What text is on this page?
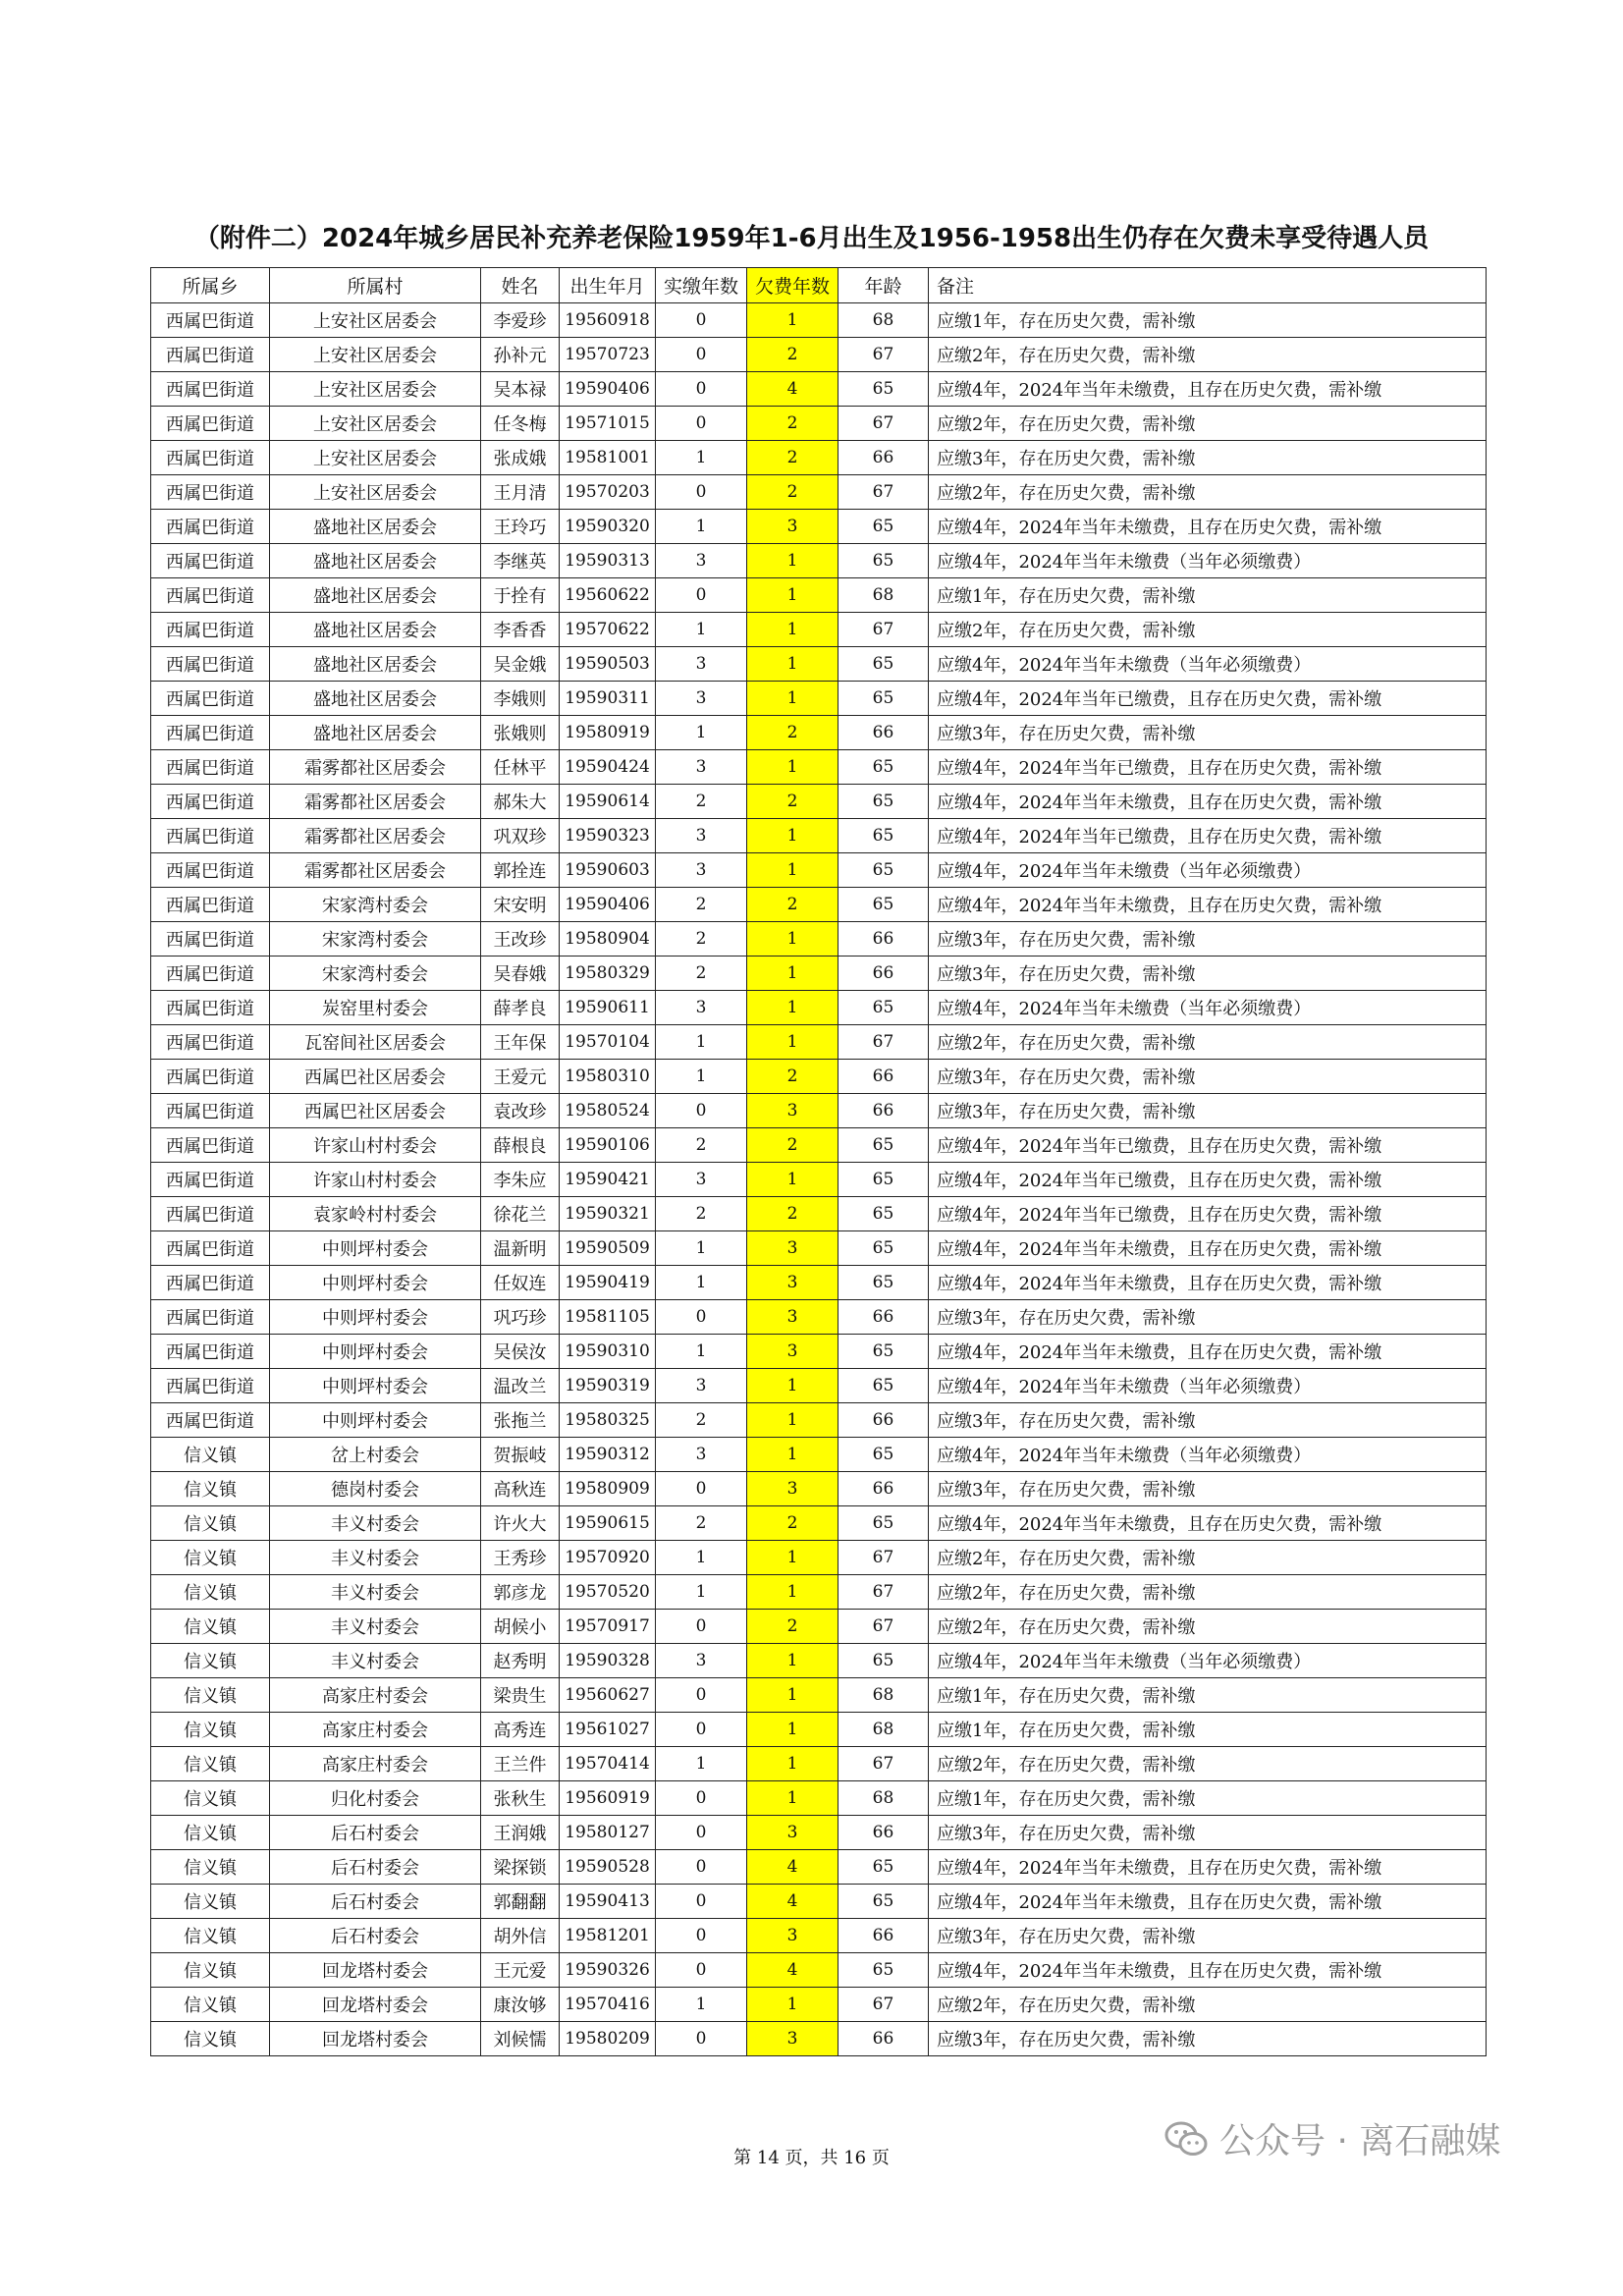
（附件二）2024年城乡居民补充养老保险1959年1-6月出生及1956-1958出生仍存在欠费未享受待遇人员
所属乡	所属村	姓名	出生年月	实缴年数	欠费年数	年龄	备注
西属巴街道	上安社区居委会	李爱珍	19560918	0	1	68	应缴1年，存在历史欠费，需补缴
西属巴街道	上安社区居委会	孙补元	19570723	0	2	67	应缴2年，存在历史欠费，需补缴
西属巴街道	上安社区居委会	吴本禄	19590406	0	4	65	应缴4年，2024年当年未缴费，且存在历史欠费，需补缴
西属巴街道	上安社区居委会	任冬梅	19571015	0	2	67	应缴2年，存在历史欠费，需补缴
西属巴街道	上安社区居委会	张成娥	19581001	1	2	66	应缴3年，存在历史欠费，需补缴
西属巴街道	上安社区居委会	王月清	19570203	0	2	67	应缴2年，存在历史欠费，需补缴
西属巴街道	盛地社区居委会	王玲巧	19590320	1	3	65	应缴4年，2024年当年未缴费，且存在历史欠费，需补缴
西属巴街道	盛地社区居委会	李继英	19590313	3	1	65	应缴4年，2024年当年未缴费（当年必须缴费）
西属巴街道	盛地社区居委会	于拴有	19560622	0	1	68	应缴1年，存在历史欠费，需补缴
西属巴街道	盛地社区居委会	李香香	19570622	1	1	67	应缴2年，存在历史欠费，需补缴
西属巴街道	盛地社区居委会	吴金娥	19590503	3	1	65	应缴4年，2024年当年未缴费（当年必须缴费）
西属巴街道	盛地社区居委会	李娥则	19590311	3	1	65	应缴4年，2024年当年已缴费，且存在历史欠费，需补缴
西属巴街道	盛地社区居委会	张娥则	19580919	1	2	66	应缴3年，存在历史欠费，需补缴
西属巴街道	霜雾都社区居委会	任林平	19590424	3	1	65	应缴4年，2024年当年已缴费，且存在历史欠费，需补缴
西属巴街道	霜雾都社区居委会	郝朱大	19590614	2	2	65	应缴4年，2024年当年未缴费，且存在历史欠费，需补缴
西属巴街道	霜雾都社区居委会	巩双珍	19590323	3	1	65	应缴4年，2024年当年已缴费，且存在历史欠费，需补缴
西属巴街道	霜雾都社区居委会	郭拴连	19590603	3	1	65	应缴4年，2024年当年未缴费（当年必须缴费）
西属巴街道	宋家湾村委会	宋安明	19590406	2	2	65	应缴4年，2024年当年未缴费，且存在历史欠费，需补缴
西属巴街道	宋家湾村委会	王改珍	19580904	2	1	66	应缴3年，存在历史欠费，需补缴
西属巴街道	宋家湾村委会	吴春娥	19580329	2	1	66	应缴3年，存在历史欠费，需补缴
西属巴街道	炭窑里村委会	薛孝良	19590611	3	1	65	应缴4年，2024年当年未缴费（当年必须缴费）
西属巴街道	瓦窑间社区居委会	王年保	19570104	1	1	67	应缴2年，存在历史欠费，需补缴
西属巴街道	西属巴社区居委会	王爱元	19580310	1	2	66	应缴3年，存在历史欠费，需补缴
西属巴街道	西属巴社区居委会	袁改珍	19580524	0	3	66	应缴3年，存在历史欠费，需补缴
西属巴街道	许家山村村委会	薛根良	19590106	2	2	65	应缴4年，2024年当年已缴费，且存在历史欠费，需补缴
西属巴街道	许家山村村委会	李朱应	19590421	3	1	65	应缴4年，2024年当年已缴费，且存在历史欠费，需补缴
西属巴街道	袁家岭村村委会	徐花兰	19590321	2	2	65	应缴4年，2024年当年已缴费，且存在历史欠费，需补缴
西属巴街道	中则坪村委会	温新明	19590509	1	3	65	应缴4年，2024年当年未缴费，且存在历史欠费，需补缴
西属巴街道	中则坪村委会	任奴连	19590419	1	3	65	应缴4年，2024年当年未缴费，且存在历史欠费，需补缴
西属巴街道	中则坪村委会	巩巧珍	19581105	0	3	66	应缴3年，存在历史欠费，需补缴
西属巴街道	中则坪村委会	吴侯汝	19590310	1	3	65	应缴4年，2024年当年未缴费，且存在历史欠费，需补缴
西属巴街道	中则坪村委会	温改兰	19590319	3	1	65	应缴4年，2024年当年未缴费（当年必须缴费）
西属巴街道	中则坪村委会	张拖兰	19580325	2	1	66	应缴3年，存在历史欠费，需补缴
信义镇	岔上村委会	贺振岐	19590312	3	1	65	应缴4年，2024年当年未缴费（当年必须缴费）
信义镇	德岗村委会	高秋连	19580909	0	3	66	应缴3年，存在历史欠费，需补缴
信义镇	丰义村委会	许火大	19590615	2	2	65	应缴4年，2024年当年未缴费，且存在历史欠费，需补缴
信义镇	丰义村委会	王秀珍	19570920	1	1	67	应缴2年，存在历史欠费，需补缴
信义镇	丰义村委会	郭彦龙	19570520	1	1	67	应缴2年，存在历史欠费，需补缴
信义镇	丰义村委会	胡候小	19570917	0	2	67	应缴2年，存在历史欠费，需补缴
信义镇	丰义村委会	赵秀明	19590328	3	1	65	应缴4年，2024年当年未缴费（当年必须缴费）
信义镇	高家庄村委会	梁贵生	19560627	0	1	68	应缴1年，存在历史欠费，需补缴
信义镇	高家庄村委会	高秀连	19561027	0	1	68	应缴1年，存在历史欠费，需补缴
信义镇	高家庄村委会	王兰件	19570414	1	1	67	应缴2年，存在历史欠费，需补缴
信义镇	归化村委会	张秋生	19560919	0	1	68	应缴1年，存在历史欠费，需补缴
信义镇	后石村委会	王润娥	19580127	0	3	66	应缴3年，存在历史欠费，需补缴
信义镇	后石村委会	梁探锁	19590528	0	4	65	应缴4年，2024年当年未缴费，且存在历史欠费，需补缴
信义镇	后石村委会	郭翻翻	19590413	0	4	65	应缴4年，2024年当年未缴费，且存在历史欠费，需补缴
信义镇	后石村委会	胡外信	19581201	0	3	66	应缴3年，存在历史欠费，需补缴
信义镇	回龙塔村委会	王元爱	19590326	0	4	65	应缴4年，2024年当年未缴费，且存在历史欠费，需补缴
信义镇	回龙塔村委会	康汝够	19570416	1	1	67	应缴2年，存在历史欠费，需补缴
信义镇	回龙塔村委会	刘候懦	19580209	0	3	66	应缴3年，存在历史欠费，需补缴
第 14 页，共 16 页	公众号 · 离石融媒
